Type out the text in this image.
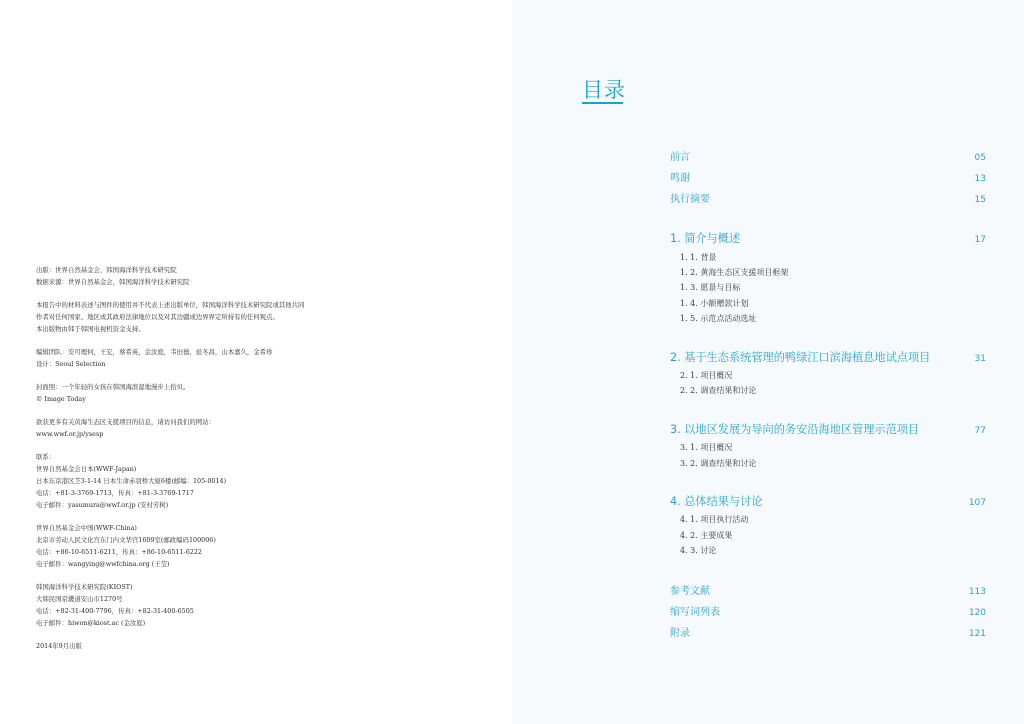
出版：世界自然基金会，韩国海洋科学技术研究院
数据来源：世界自然基金会，韩国海洋科学技术研究院
本报告中的材料表述与图件的使用并不代表上述出版单位，韩国海洋科学技术研究院或其他共同
作者对任何国家、地区或其政府法律地位以及对其边疆或边界界定所持有的任何观点。
本出版物由韩于韩国电视机资金支持。
编辑团队：安可理何，王宏，蔡希英，金汝庭，韦田德，延冬昌，山本嘉久，金希珍
设计：Seoul Selection
封面照：一个年轻的女孩在韩国海滨湿地漫步上拾贝。
© Image Today
欲获更多有关黄海生态区支援项目的信息，请访问我们的网站：
www.wwf.or.jp/ysesp
联系：
世界自然基金会日本(WWF-Japan)
日本东京港区芝3-1-14 日本生命赤羽桥大厦6楼(邮编：105-0014)
电话：+81-3-3769-1713，传真：+81-3-3769-1717
电子邮件：yasumura@wwf.or.jp (安村芳树)
世界自然基金会中国(WWF-China)
北京市劳动人民文化宫东门内文华宫1609室(邮政编码100006)
电话：+86-10-6511-6211，传真：+86-10-6511-6222
电子邮件：wangying@wwfchina.org (王莹)
韩国海洋科学技术研究院(KIOST)
大韩民国京畿道安山市1270号
电话：+82-31-400-7796，传真：+82-31-400-6505
电子邮件：hiwon@kiost.ac (金汝庭)
2014年9月出版
目录
前言	05
鸣谢	13
执行摘要	15
1. 简介与概述	17
1. 1. 背景
1. 2. 黄海生态区支援项目框架
1. 3. 愿景与目标
1. 4. 小额赠款计划
1. 5. 示范点活动选址
2. 基于生态系统管理的鸭绿江口滨海植息地试点项目	31
2. 1. 项目概况
2. 2. 调查结果和讨论
3. 以地区发展为导向的务安沿海地区管理示范项目	77
3. 1. 项目概况
3. 2. 调查结果和讨论
4. 总体结果与讨论	107
4. 1. 项目执行活动
4. 2. 主要成果
4. 3. 讨论
参考文献	113
缩写词列表	120
附录	121
